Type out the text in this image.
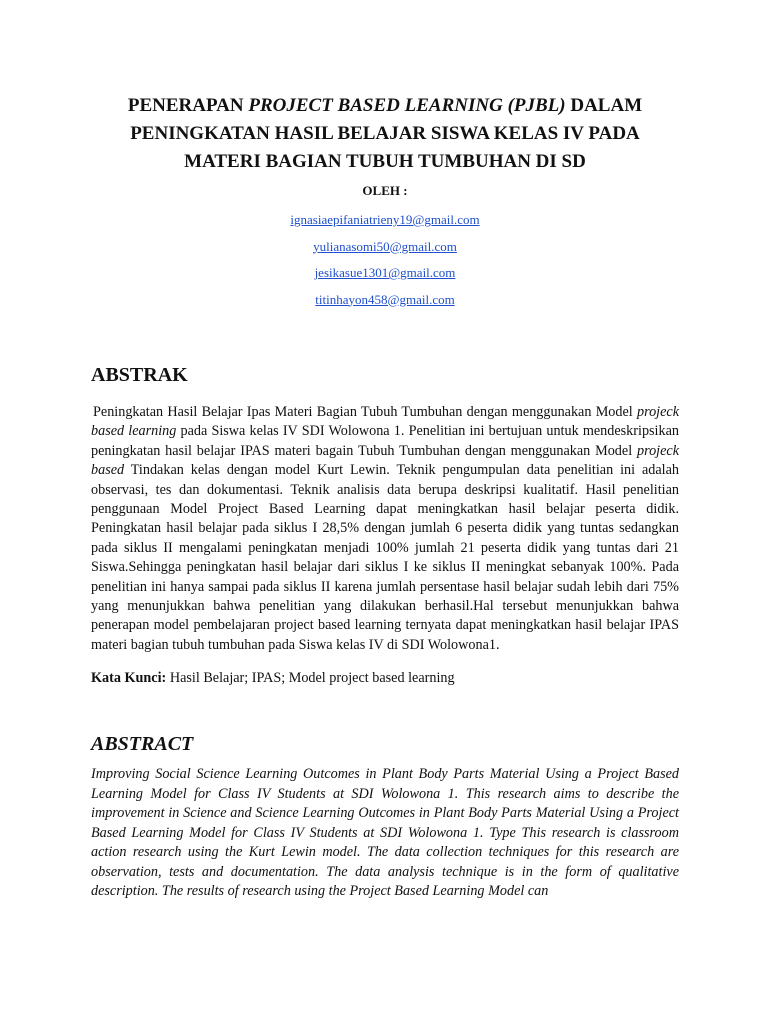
PENERAPAN PROJECT BASED LEARNING (PJBL) DALAM PENINGKATAN HASIL BELAJAR SISWA KELAS IV PADA MATERI BAGIAN TUBUH TUMBUHAN DI SD
OLEH :
ignasiaepifaniatrieny19@gmail.com
yulianasomi50@gmail.com
jesikasue1301@gmail.com
titinhayon458@gmail.com
ABSTRAK

Peningkatan Hasil Belajar Ipas Materi Bagian Tubuh Tumbuhan dengan menggunakan Model projeck based learning pada Siswa kelas IV SDI Wolowona 1. Penelitian ini bertujuan untuk mendeskripsikan peningkatan hasil belajar IPAS materi bagain Tubuh Tumbuhan dengan menggunakan Model projeck based Tindakan kelas dengan model Kurt Lewin. Teknik pengumpulan data penelitian ini adalah observasi, tes dan dokumentasi. Teknik analisis data berupa deskripsi kualitatif. Hasil penelitian penggunaan Model Project Based Learning dapat meningkatkan hasil belajar peserta didik. Peningkatan hasil belajar pada siklus I 28,5% dengan jumlah 6 peserta didik yang tuntas sedangkan pada siklus II mengalami peningkatan menjadi 100% jumlah 21 peserta didik yang tuntas dari 21 Siswa.Sehingga peningkatan hasil belajar dari siklus I ke siklus II meningkat sebanyak 100%. Pada penelitian ini hanya sampai pada siklus II karena jumlah persentase hasil belajar sudah lebih dari 75% yang menunjukkan bahwa penelitian yang dilakukan berhasil.Hal tersebut menunjukkan bahwa penerapan model pembelajaran project based learning ternyata dapat meningkatkan hasil belajar IPAS materi bagian tubuh tumbuhan pada Siswa kelas IV di SDI Wolowona1.

Kata Kunci: Hasil Belajar; IPAS; Model project based learning
ABSTRACT

Improving Social Science Learning Outcomes in Plant Body Parts Material Using a Project Based Learning Model for Class IV Students at SDI Wolowona 1. This research aims to describe the improvement in Science and Science Learning Outcomes in Plant Body Parts Material Using a Project Based Learning Model for Class IV Students at SDI Wolowona 1. Type This research is classroom action research using the Kurt Lewin model. The data collection techniques for this research are observation, tests and documentation. The data analysis technique is in the form of qualitative description. The results of research using the Project Based Learning Model can
